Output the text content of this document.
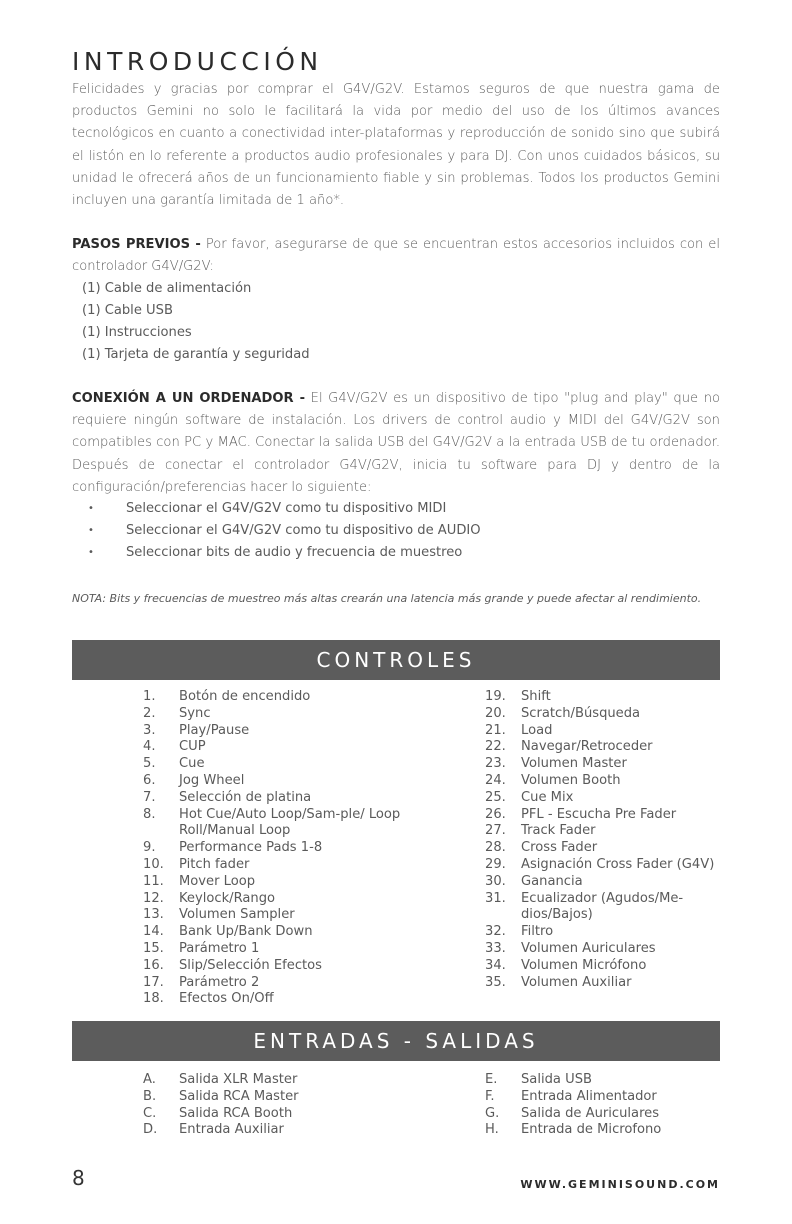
INTRODUCCIÓN

Felicidades y gracias por comprar el G4V/G2V. Estamos seguros de que nuestra gama de productos Gemini no solo le facilitará la vida por medio del uso de los últimos avances tecnológicos en cuanto a conectividad inter-plataformas y reproducción de sonido sino que subirá el listón en lo referente a productos audio profesionales y para DJ. Con unos cuidados básicos, su unidad le ofrecerá años de un funcionamiento fiable y sin problemas. Todos los productos Gemini incluyen una garantía limitada de 1 año*.

PASOS PREVIOS - Por favor, asegurarse de que se encuentran estos accesorios incluidos con el controlador G4V/G2V:

(1) Cable de alimentación
(1) Cable USB
(1) Instrucciones
(1) Tarjeta de garantía y seguridad

CONEXIÓN A UN ORDENADOR - El G4V/G2V es un dispositivo de tipo "plug and play" que no requiere ningún software de instalación. Los drivers de control audio y MIDI del G4V/G2V son compatibles con PC y MAC. Conectar la salida USB del G4V/G2V a la entrada USB de tu ordenador. Después de conectar el controlador G4V/G2V, inicia tu software para DJ y dentro de la configuración/preferencias hacer lo siguiente:

• Seleccionar el G4V/G2V como tu dispositivo MIDI
• Seleccionar el G4V/G2V como tu dispositivo de AUDIO
• Seleccionar bits de audio y frecuencia de muestreo

NOTA: Bits y frecuencias de muestreo más altas crearán una latencia más grande y puede afectar al rendimiento.

CONTROLES
1.	Botón de encendido
2.	Sync
3.	Play/Pause
4.	CUP
5.	Cue
6.	Jog Wheel
7.	Selección de platina
8.	Hot Cue/Auto Loop/Sam-ple/ Loop Roll/Manual Loop
9.	Performance Pads 1-8
10.	Pitch fader
11.	Mover Loop
12.	Keylock/Rango
13.	Volumen Sampler
14.	Bank Up/Bank Down
15.	Parámetro 1
16.	Slip/Selección Efectos
17.	Parámetro 2
18.	Efectos On/Off
19.	Shift
20.	Scratch/Búsqueda
21.	Load
22.	Navegar/Retroceder
23.	Volumen Master
24.	Volumen Booth
25.	Cue Mix
26.	PFL - Escucha Pre Fader
27.	Track Fader
28.	Cross Fader
29.	Asignación Cross Fader (G4V)
30.	Ganancia
31.	Ecualizador (Agudos/Me-dios/Bajos)
32.	Filtro
33.	Volumen Auriculares
34.	Volumen Micrófono
35.	Volumen Auxiliar
ENTRADAS - SALIDAS
A.	Salida XLR Master
B.	Salida RCA Master
C.	Salida RCA Booth
D.	Entrada Auxiliar
E.	Salida USB
F.	Entrada Alimentador
G.	Salida de Auriculares
H.	Entrada de Microfono
8	WWW.GEMINISOUND.COM
